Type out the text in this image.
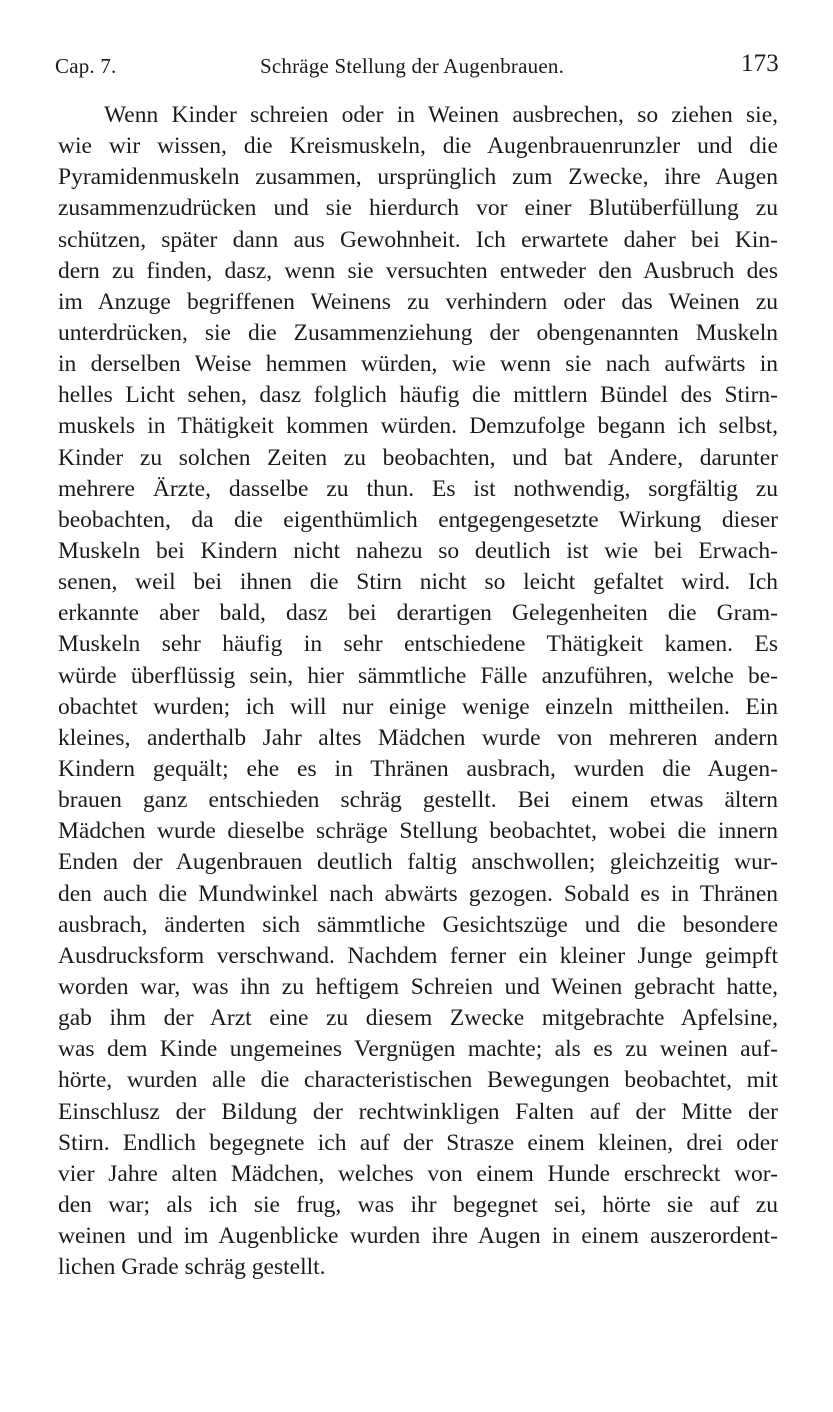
Cap. 7.	Schräge Stellung der Augenbrauen.	173
Wenn Kinder schreien oder in Weinen ausbrechen, so ziehen sie,
wie wir wissen, die Kreismuskeln, die Augenbrauenrunzler und die
Pyramidenmuskeln zusammen, ursprünglich zum Zwecke, ihre Augen
zusammenzudrücken und sie hierdurch vor einer Blutüberfüllung zu
schützen, später dann aus Gewohnheit. Ich erwartete daher bei Kin-
dern zu finden, dasz, wenn sie versuchten entweder den Ausbruch des
im Anzuge begriffenen Weinens zu verhindern oder das Weinen zu
unterdrücken, sie die Zusammenziehung der obengenannten Muskeln
in derselben Weise hemmen würden, wie wenn sie nach aufwärts in
helles Licht sehen, dasz folglich häufig die mittlern Bündel des Stirn-
muskels in Thätigkeit kommen würden. Demzufolge begann ich selbst,
Kinder zu solchen Zeiten zu beobachten, und bat Andere, darunter
mehrere Ärzte, dasselbe zu thun. Es ist nothwendig, sorgfältig zu
beobachten, da die eigenthümlich entgegengesetzte Wirkung dieser
Muskeln bei Kindern nicht nahezu so deutlich ist wie bei Erwach-
senen, weil bei ihnen die Stirn nicht so leicht gefaltet wird. Ich
erkannte aber bald, dasz bei derartigen Gelegenheiten die Gram-
Muskeln sehr häufig in sehr entschiedene Thätigkeit kamen. Es
würde überflüssig sein, hier sämmtliche Fälle anzuführen, welche be-
obachtet wurden; ich will nur einige wenige einzeln mittheilen. Ein
kleines, anderthalb Jahr altes Mädchen wurde von mehreren andern
Kindern gequält; ehe es in Thränen ausbrach, wurden die Augen-
brauen ganz entschieden schräg gestellt. Bei einem etwas ältern
Mädchen wurde dieselbe schräge Stellung beobachtet, wobei die innern
Enden der Augenbrauen deutlich faltig anschwollen; gleichzeitig wur-
den auch die Mundwinkel nach abwärts gezogen. Sobald es in Thränen
ausbrach, änderten sich sämmtliche Gesichtszüge und die besondere
Ausdrucksform verschwand. Nachdem ferner ein kleiner Junge geimpft
worden war, was ihn zu heftigem Schreien und Weinen gebracht hatte,
gab ihm der Arzt eine zu diesem Zwecke mitgebrachte Apfelsine,
was dem Kinde ungemeines Vergnügen machte; als es zu weinen auf-
hörte, wurden alle die characteristischen Bewegungen beobachtet, mit
Einschlusz der Bildung der rechtwinkligen Falten auf der Mitte der
Stirn. Endlich begegnete ich auf der Strasze einem kleinen, drei oder
vier Jahre alten Mädchen, welches von einem Hunde erschreckt wor-
den war; als ich sie frug, was ihr begegnet sei, hörte sie auf zu
weinen und im Augenblicke wurden ihre Augen in einem auszerordent-
lichen Grade schräg gestellt.
